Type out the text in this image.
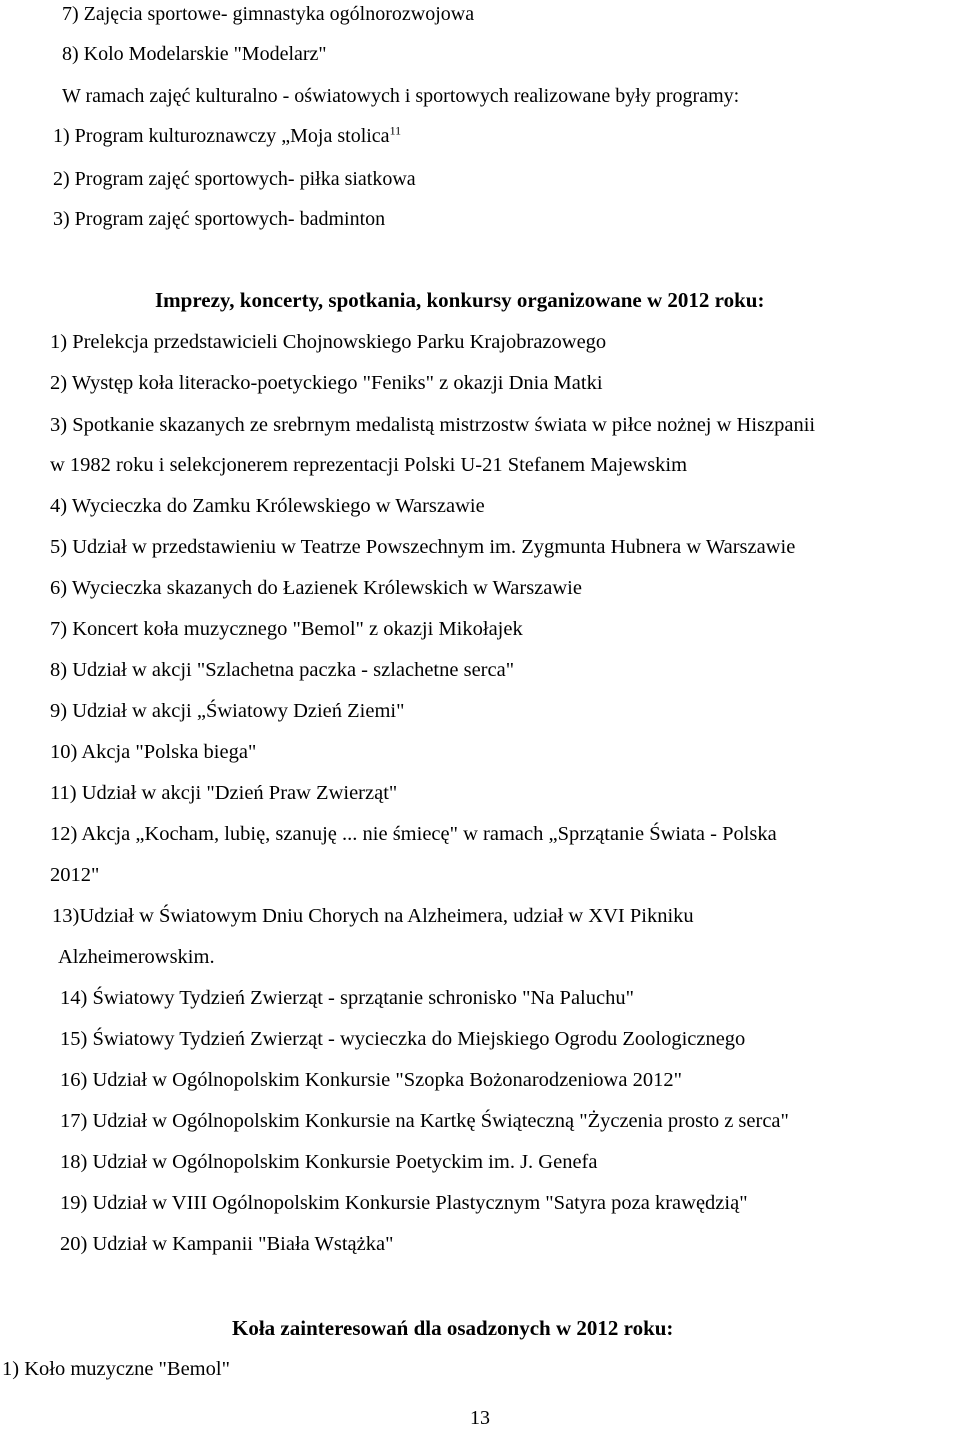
7) Zajęcia sportowe- gimnastyka ogólnorozwojowa
8) Kolo Modelarskie "Modelarz"
W ramach zajęć kulturalno - oświatowych i sportowych realizowane były programy:
1) Program kulturoznawczy „Moja stolica$^{11}$
2) Program zajęć sportowych- piłka siatkowa
3) Program zajęć sportowych- badminton
Imprezy, koncerty, spotkania, konkursy organizowane w 2012 roku:
1) Prelekcja przedstawicieli Chojnowskiego Parku Krajobrazowego
2) Występ koła literacko-poetyckiego "Feniks" z okazji Dnia Matki
3) Spotkanie skazanych ze srebrnym medalistą mistrzostw świata w piłce nożnej w Hiszpanii
w 1982 roku i selekcjonerem reprezentacji Polski U-21 Stefanem Majewskim
4) Wycieczka do Zamku Królewskiego w Warszawie
5) Udział w przedstawieniu w Teatrze Powszechnym im. Zygmunta Hubnera w Warszawie
6) Wycieczka skazanych do Łazienek Królewskich w Warszawie
7) Koncert koła muzycznego "Bemol" z okazji Mikołajek
8) Udział w akcji "Szlachetna paczka - szlachetne serca"
9) Udział w akcji „Światowy Dzień Ziemi"
10) Akcja "Polska biega"
11) Udział w akcji "Dzień Praw Zwierząt"
12) Akcja „Kocham, lubię, szanuję ... nie śmiecę" w ramach „Sprzątanie Świata - Polska
2012"
13)Udział w Światowym Dniu Chorych na Alzheimera, udział w XVI Pikniku
Alzheimerowskim.
14) Światowy Tydzień Zwierząt - sprzątanie schronisko "Na Paluchu"
15) Światowy Tydzień Zwierząt - wycieczka do Miejskiego Ogrodu Zoologicznego
16) Udział w Ogólnopolskim Konkursie "Szopka Bożonarodzeniowa 2012"
17) Udział w Ogólnopolskim Konkursie na Kartkę Świąteczną "Życzenia prosto z serca"
18) Udział w Ogólnopolskim Konkursie Poetyckim im. J. Genefa
19) Udział w VIII Ogólnopolskim Konkursie Plastycznym "Satyra poza krawędzią"
20) Udział w Kampanii "Biała Wstążka"
Koła zainteresowań dla osadzonych w 2012 roku:
1) Koło muzyczne "Bemol"
13
